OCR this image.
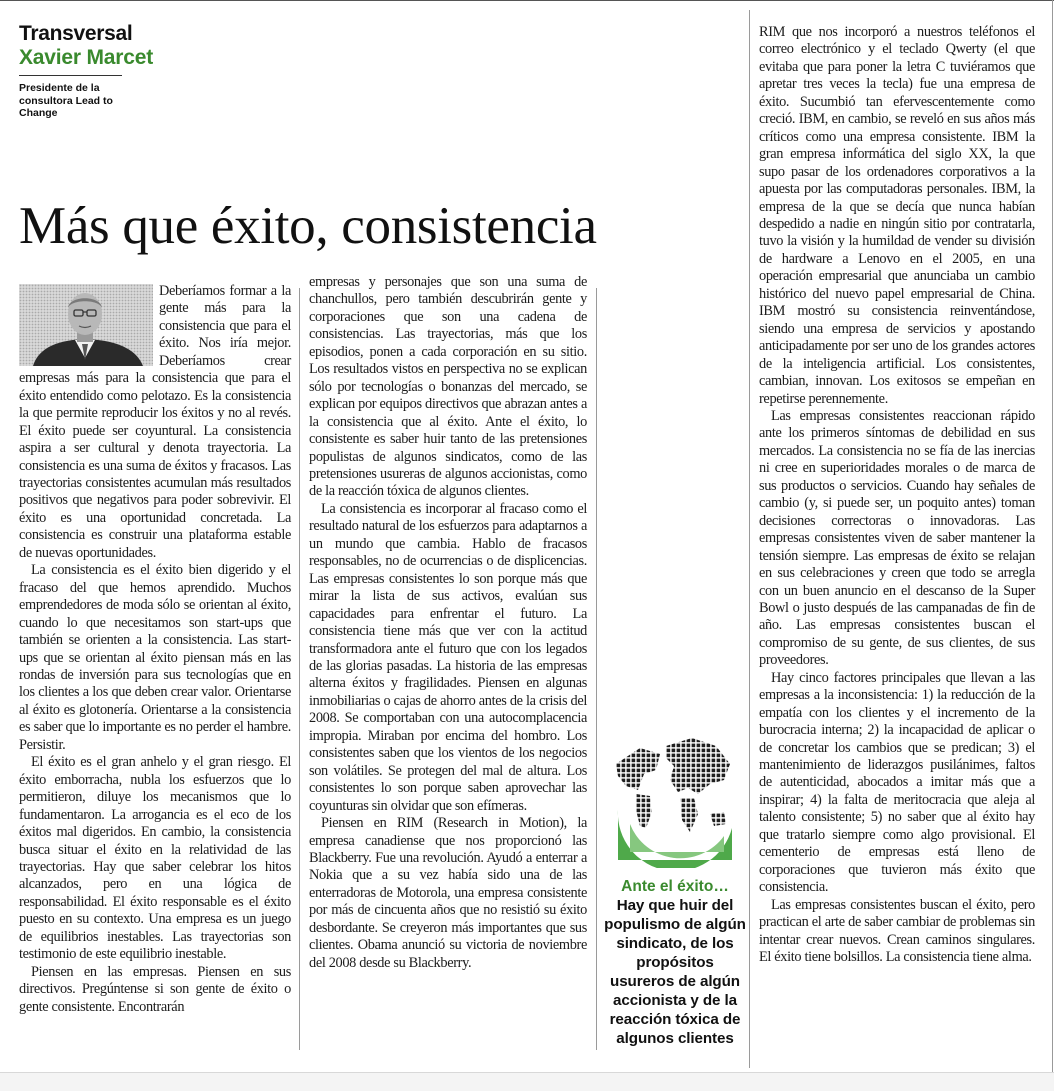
Transversal
Xavier Marcet
Presidente de la consultora Lead to Change
Más que éxito, consistencia

Deberíamos formar a la gente más para la consistencia que para el éxito. Nos iría mejor. Deberíamos crear empresas más para la consistencia que para el éxito entendido como pelotazo. Es la consistencia la que permite reproducir los éxitos y no al revés. El éxito puede ser coyuntural. La consistencia aspira a ser cultural y denota trayectoria. La consistencia es una suma de éxitos y fracasos. Las trayectorias consistentes acumulan más resultados positivos que negativos para poder sobrevivir. El éxito es una oportunidad concretada. La consistencia es construir una plataforma estable de nuevas oportunidades.

La consistencia es el éxito bien digerido y el fracaso del que hemos aprendido. Muchos emprendedores de moda sólo se orientan al éxito, cuando lo que necesitamos son start-ups que también se orienten a la consistencia. Las start-ups que se orientan al éxito piensan más en las rondas de inversión para sus tecnologías que en los clientes a los que deben crear valor. Orientarse al éxito es glotonería. Orientarse a la consistencia es saber que lo importante es no perder el hambre. Persistir.

El éxito es el gran anhelo y el gran riesgo. El éxito emborracha, nubla los esfuerzos que lo permitieron, diluye los mecanismos que lo fundamentaron. La arrogancia es el eco de los éxitos mal digeridos. En cambio, la consistencia busca situar el éxito en la relatividad de las trayectorias. Hay que saber celebrar los hitos alcanzados, pero en una lógica de responsabilidad. El éxito responsable es el éxito puesto en su contexto. Una empresa es un juego de equilibrios inestables. Las trayectorias son testimonio de este equilibrio inestable.

Piensen en las empresas. Piensen en sus directivos. Pregúntense si son gente de éxito o gente consistente. Encontrarán

empresas y personajes que son una suma de chanchullos, pero también descubrirán gente y corporaciones que son una cadena de consistencias. Las trayectorias, más que los episodios, ponen a cada corporación en su sitio. Los resultados vistos en perspectiva no se explican sólo por tecnologías o bonanzas del mercado, se explican por equipos directivos que abrazan antes a la consistencia que al éxito. Ante el éxito, lo consistente es saber huir tanto de las pretensiones populistas de algunos sindicatos, como de las pretensiones usureras de algunos accionistas, como de la reacción tóxica de algunos clientes.

La consistencia es incorporar al fracaso como el resultado natural de los esfuerzos para adaptarnos a un mundo que cambia. Hablo de fracasos responsables, no de ocurrencias o de displicencias. Las empresas consistentes lo son porque más que mirar la lista de sus activos, evalúan sus capacidades para enfrentar el futuro. La consistencia tiene más que ver con la actitud transformadora ante el futuro que con los legados de las glorias pasadas. La historia de las empresas alterna éxitos y fragilidades. Piensen en algunas inmobiliarias o cajas de ahorro antes de la crisis del 2008. Se comportaban con una autocomplacencia impropia. Miraban por encima del hombro. Los consistentes saben que los vientos de los negocios son volátiles. Se protegen del mal de altura. Los consistentes lo son porque saben aprovechar las coyunturas sin olvidar que son efímeras.

Piensen en RIM (Research in Motion), la empresa canadiense que nos proporcionó las Blackberry. Fue una revolución. Ayudó a enterrar a Nokia que a su vez había sido una de las enterradoras de Motorola, una empresa consistente por más de cincuenta años que no resistió su éxito desbordante. Se creyeron más importantes que sus clientes. Obama anunció su victoria de noviembre del 2008 desde su Blackberry.

Ante el éxito…
Hay que huir del populismo de algún sindicato, de los propósitos usureros de algún accionista y de la reacción tóxica de algunos clientes

RIM que nos incorporó a nuestros teléfonos el correo electrónico y el teclado Qwerty (el que evitaba que para poner la letra C tuviéramos que apretar tres veces la tecla) fue una empresa de éxito. Sucumbió tan efervescentemente como creció. IBM, en cambio, se reveló en sus años más críticos como una empresa consistente. IBM la gran empresa informática del siglo XX, la que supo pasar de los ordenadores corporativos a la apuesta por las computadoras personales. IBM, la empresa de la que se decía que nunca habían despedido a nadie en ningún sitio por contratarla, tuvo la visión y la humildad de vender su división de hardware a Lenovo en el 2005, en una operación empresarial que anunciaba un cambio histórico del nuevo papel empresarial de China. IBM mostró su consistencia reinventándose, siendo una empresa de servicios y apostando anticipadamente por ser uno de los grandes actores de la inteligencia artificial. Los consistentes, cambian, innovan. Los exitosos se empeñan en repetirse perennemente.

Las empresas consistentes reaccionan rápido ante los primeros síntomas de debilidad en sus mercados. La consistencia no se fía de las inercias ni cree en superioridades morales o de marca de sus productos o servicios. Cuando hay señales de cambio (y, si puede ser, un poquito antes) toman decisiones correctoras o innovadoras. Las empresas consistentes viven de saber mantener la tensión siempre. Las empresas de éxito se relajan en sus celebraciones y creen que todo se arregla con un buen anuncio en el descanso de la Super Bowl o justo después de las campanadas de fin de año. Las empresas consistentes buscan el compromiso de su gente, de sus clientes, de sus proveedores.

Hay cinco factores principales que llevan a las empresas a la inconsistencia: 1) la reducción de la empatía con los clientes y el incremento de la burocracia interna; 2) la incapacidad de aplicar o de concretar los cambios que se predican; 3) el mantenimiento de liderazgos pusilánimes, faltos de autenticidad, abocados a imitar más que a inspirar; 4) la falta de meritocracia que aleja al talento consistente; 5) no saber que al éxito hay que tratarlo siempre como algo provisional. El cementerio de empresas está lleno de corporaciones que tuvieron más éxito que consistencia.

Las empresas consistentes buscan el éxito, pero practican el arte de saber cambiar de problemas sin intentar crear nuevos. Crean caminos singulares. El éxito tiene bolsillos. La consistencia tiene alma.
